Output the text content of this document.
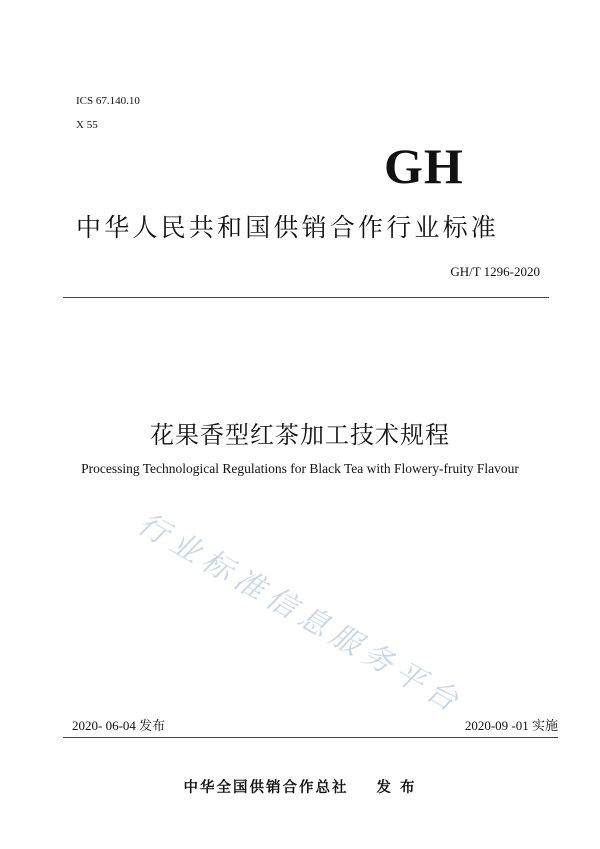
ICS 67.140.10
X 55
GH
中华人民共和国供销合作行业标准
GH/T 1296-2020
花果香型红茶加工技术规程
Processing Technological Regulations for Black Tea with Flowery-fruity Flavour
行业标准信息服务平台
2020- 06-04 发布	2020-09 -01 实施
中华全国供销合作总社 发 布
